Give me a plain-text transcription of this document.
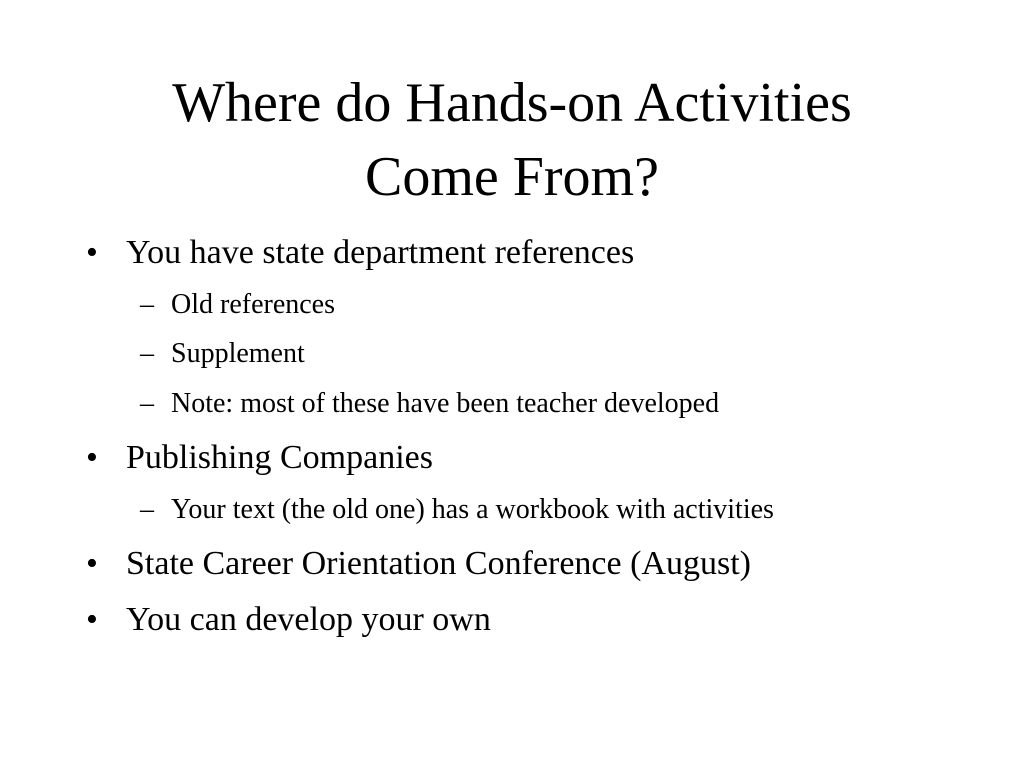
Where do Hands-on Activities
Come From?
• You have state department references
– Old references
– Supplement
– Note: most of these have been teacher developed
• Publishing Companies
– Your text (the old one) has a workbook with activities
• State Career Orientation Conference (August)
• You can develop your own
